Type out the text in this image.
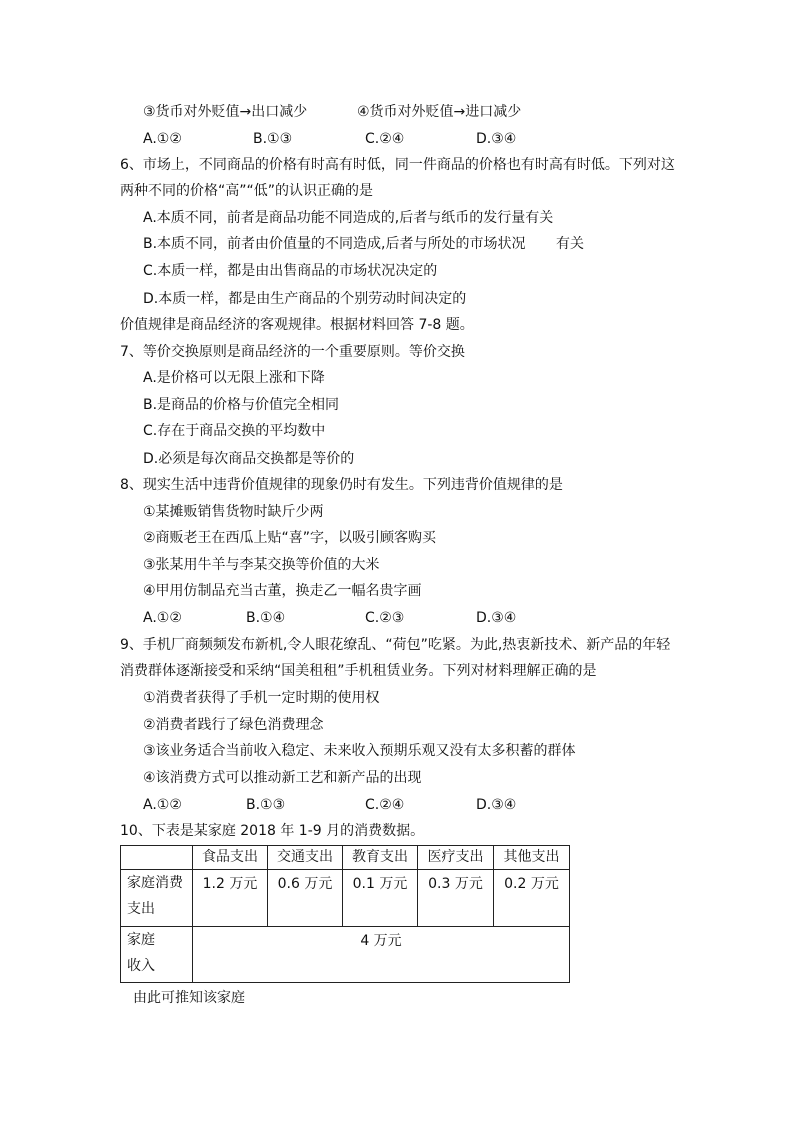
③货币对外贬值→出口减少	④货币对外贬值→进口减少
A.①②	B.①③	C.②④	D.③④
6、市场上，不同商品的价格有时高有时低，同一件商品的价格也有时高有时低。下列对这
两种不同的价格“高”“低”的认识正确的是
A.本质不同，前者是商品功能不同造成的,后者与纸币的发行量有关
B.本质不同，前者由价值量的不同造成,后者与所处的市场状况 有关
C.本质一样，都是由出售商品的市场状况决定的
D.本质一样，都是由生产商品的个别劳动时间决定的
价值规律是商品经济的客观规律。根据材料回答 7-8 题。
7、等价交换原则是商品经济的一个重要原则。等价交换
A.是价格可以无限上涨和下降
B.是商品的价格与价值完全相同
C.存在于商品交换的平均数中
D.必须是每次商品交换都是等价的
8、现实生活中违背价值规律的现象仍时有发生。下列违背价值规律的是
①某摊贩销售货物时缺斤少两
②商贩老王在西瓜上贴“喜”字，以吸引顾客购买
③张某用牛羊与李某交换等价值的大米
④甲用仿制品充当古董，换走乙一幅名贵字画
A.①②	B.①④	C.②③	D.③④
9、手机厂商频频发布新机,令人眼花缭乱、“荷包”吃紧。为此,热衷新技术、新产品的年轻
消费群体逐渐接受和采纳“国美租租”手机租赁业务。下列对材料理解正确的是
①消费者获得了手机一定时期的使用权
②消费者践行了绿色消费理念
③该业务适合当前收入稳定、未来收入预期乐观又没有太多积蓄的群体
④该消费方式可以推动新工艺和新产品的出现
A.①②	B.①③	C.②④	D.③④
10、下表是某家庭 2018 年 1-9 月的消费数据。
	食品支出	交通支出	教育支出	医疗支出	其他支出

家庭消费
支出	1.2 万元	0.6 万元	0.1 万元	0.3 万元	0.2 万元

家庭
收入	4 万元				
由此可推知该家庭
